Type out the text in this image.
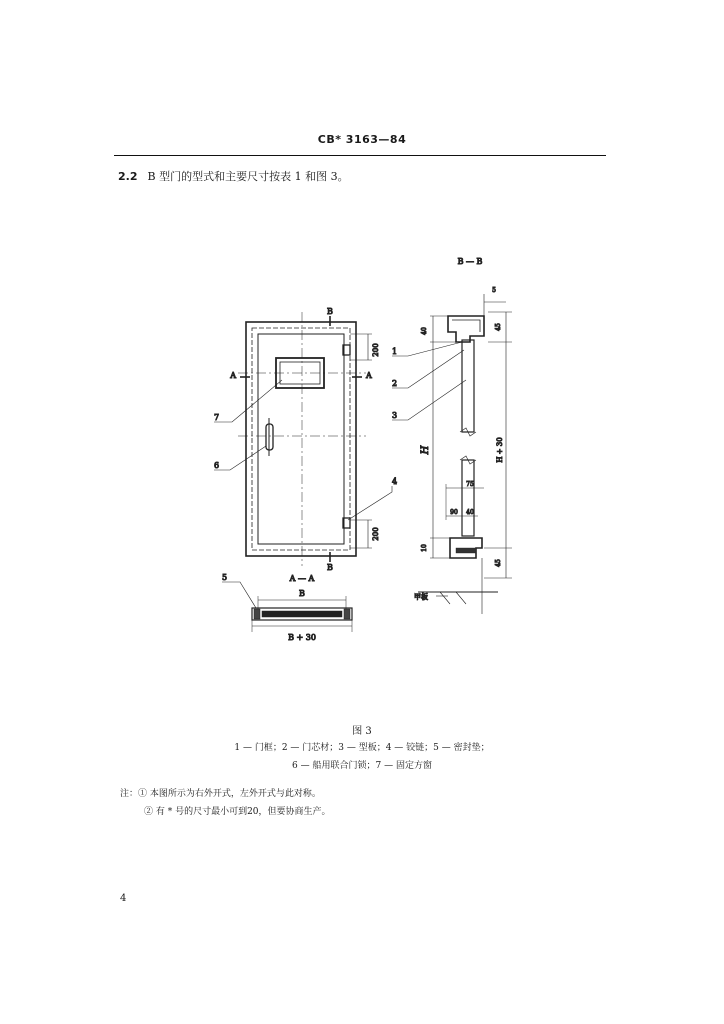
CB* 3163—84
2.2 B 型门的型式和主要尺寸按表 1 和图 3。
B
B
A	A
200
200
7
6
4
A — A
B
B + 30
5
B — B
5
40
45
H	H + 30
75
90 40
10
45
甲板
1
2
3
图 3
1 — 门框；2 — 门芯材；3 — 型板；4 — 铰链；5 — 密封垫；
6 — 船用联合门锁；7 — 固定方窗
注：① 本图所示为右外开式，左外开式与此对称。
② 有 * 号的尺寸最小可到20，但要协商生产。
4
